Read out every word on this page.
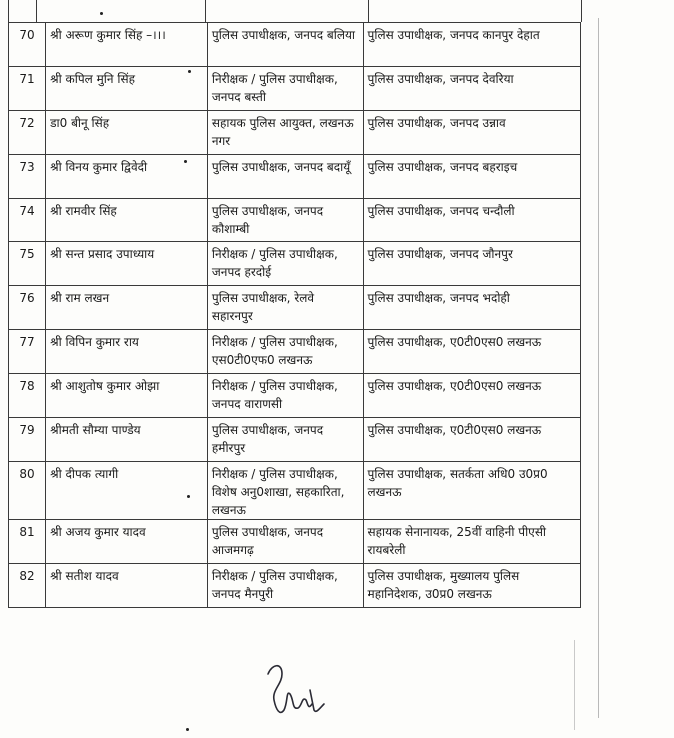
70	श्री अरूण कुमार सिंह –।।।	पुलिस उपाधीक्षक, जनपद बलिया	पुलिस उपाधीक्षक, जनपद कानपुर देहात
71	श्री कपिल मुनि सिंह	निरीक्षक / पुलिस उपाधीक्षक, जनपद बस्ती	पुलिस उपाधीक्षक, जनपद देवरिया
72	डा0 बीनू सिंह	सहायक पुलिस आयुक्त, लखनऊ नगर	पुलिस उपाधीक्षक, जनपद उन्नाव
73	श्री विनय कुमार द्विवेदी	पुलिस उपाधीक्षक, जनपद बदायूँ	पुलिस उपाधीक्षक, जनपद बहराइच
74	श्री रामवीर सिंह	पुलिस उपाधीक्षक, जनपद कौशाम्बी	पुलिस उपाधीक्षक, जनपद चन्दौली
75	श्री सन्त प्रसाद उपाध्याय	निरीक्षक / पुलिस उपाधीक्षक, जनपद हरदोई	पुलिस उपाधीक्षक, जनपद जौनपुर
76	श्री राम लखन	पुलिस उपाधीक्षक, रेलवे सहारनपुर	पुलिस उपाधीक्षक, जनपद भदोही
77	श्री विपिन कुमार राय	निरीक्षक / पुलिस उपाधीक्षक, एस0टी0एफ0 लखनऊ	पुलिस उपाधीक्षक, ए0टी0एस0 लखनऊ
78	श्री आशुतोष कुमार ओझा	निरीक्षक / पुलिस उपाधीक्षक, जनपद वाराणसी	पुलिस उपाधीक्षक, ए0टी0एस0 लखनऊ
79	श्रीमती सौम्या पाण्डेय	पुलिस उपाधीक्षक, जनपद हमीरपुर	पुलिस उपाधीक्षक, ए0टी0एस0 लखनऊ
80	श्री दीपक त्यागी	निरीक्षक / पुलिस उपाधीक्षक, विशेष अनु0शाखा, सहकारिता, लखनऊ	पुलिस उपाधीक्षक, सतर्कता अधि0 उ0प्र0 लखनऊ
81	श्री अजय कुमार यादव	पुलिस उपाधीक्षक, जनपद आजमगढ़	सहायक सेनानायक, 25वीं वाहिनी पीएसी रायबरेली
82	श्री सतीश यादव	निरीक्षक / पुलिस उपाधीक्षक, जनपद मैनपुरी	पुलिस उपाधीक्षक, मुख्यालय पुलिस महानिदेशक, उ0प्र0 लखनऊ
